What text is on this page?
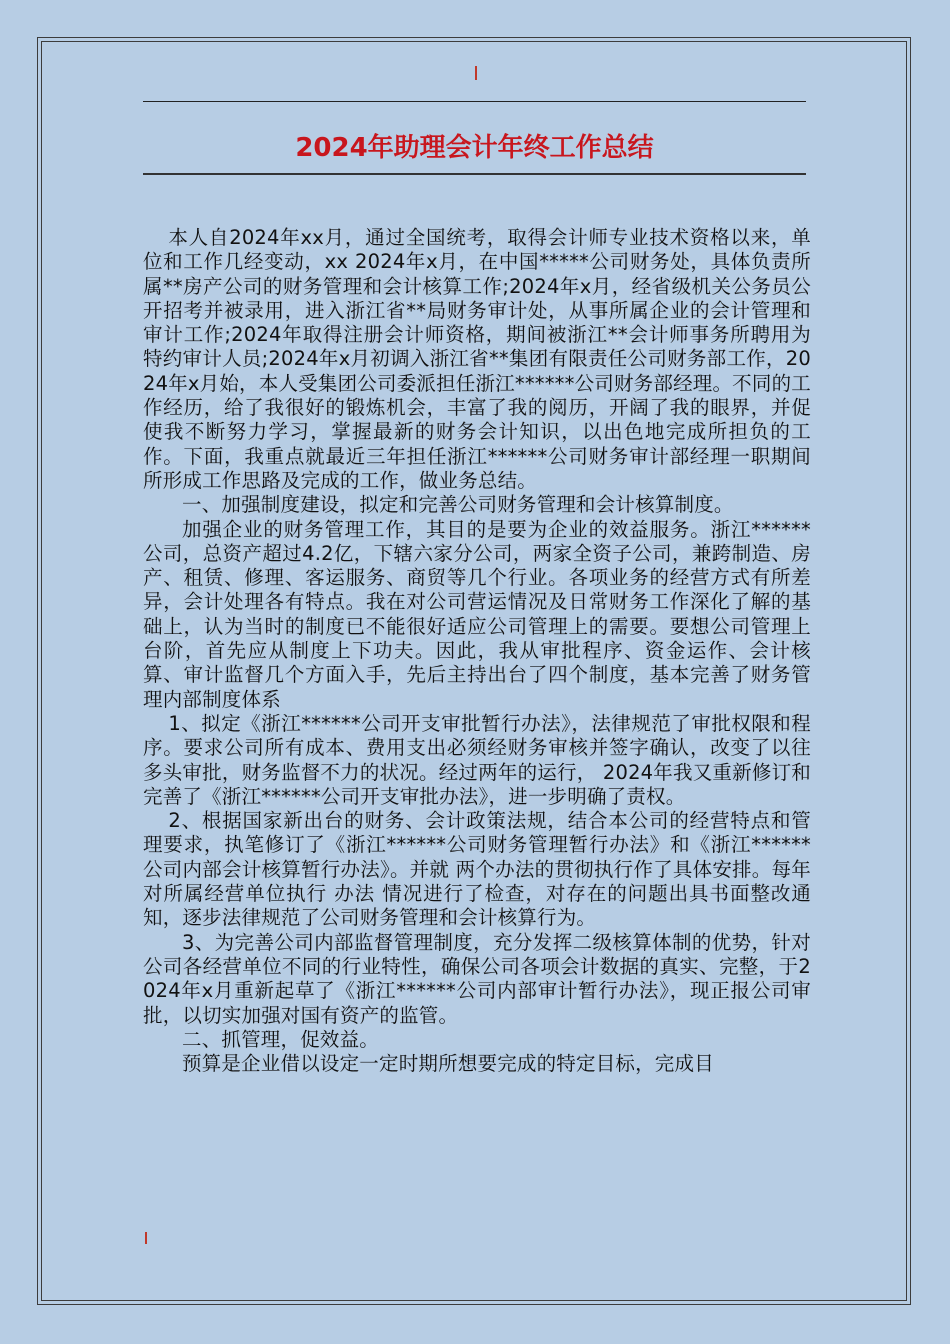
2024年助理会计年终工作总结

本人自2024年xx月，通过全国统考，取得会计师专业技术资格以来，单位和工作几经变动，xx 2024年x月，在中国*****公司财务处，具体负责所属**房产公司的财务管理和会计核算工作;2024年x月，经省级机关公务员公开招考并被录用，进入浙江省**局财务审计处，从事所属企业的会计管理和审计工作;2024年取得注册会计师资格，期间被浙江**会计师事务所聘用为特约审计人员;2024年x月初调入浙江省**集团有限责任公司财务部工作，2024年x月始，本人受集团公司委派担任浙江******公司财务部经理。不同的工作经历，给了我很好的锻炼机会，丰富了我的阅历，开阔了我的眼界，并促使我不断努力学习，掌握最新的财务会计知识，以出色地完成所担负的工作。下面，我重点就最近三年担任浙江******公司财务审计部经理一职期间所形成工作思路及完成的工作，做业务总结。

一、加强制度建设，拟定和完善公司财务管理和会计核算制度。

加强企业的财务管理工作，其目的是要为企业的效益服务。浙江******公司，总资产超过4.2亿，下辖六家分公司，两家全资子公司，兼跨制造、房产、租赁、修理、客运服务、商贸等几个行业。各项业务的经营方式有所差异，会计处理各有特点。我在对公司营运情况及日常财务工作深化了解的基础上，认为当时的制度已不能很好适应公司管理上的需要。要想公司管理上台阶，首先应从制度上下功夫。因此，我从审批程序、资金运作、会计核算、审计监督几个方面入手，先后主持出台了四个制度，基本完善了财务管理内部制度体系

1、拟定《浙江******公司开支审批暂行办法》，法律规范了审批权限和程序。要求公司所有成本、费用支出必须经财务审核并签字确认，改变了以往多头审批，财务监督不力的状况。经过两年的运行， 2024年我又重新修订和完善了《浙江******公司开支审批办法》，进一步明确了责权。

2、根据国家新出台的财务、会计政策法规，结合本公司的经营特点和管理要求，执笔修订了《浙江******公司财务管理暂行办法》和《浙江******公司内部会计核算暂行办法》。并就 两个办法的贯彻执行作了具体安排。每年对所属经营单位执行 办法 情况进行了检查，对存在的问题出具书面整改通知，逐步法律规范了公司财务管理和会计核算行为。

3、为完善公司内部监督管理制度，充分发挥二级核算体制的优势，针对公司各经营单位不同的行业特性，确保公司各项会计数据的真实、完整，于2024年x月重新起草了《浙江******公司内部审计暂行办法》，现正报公司审批，以切实加强对国有资产的监管。

二、抓管理，促效益。

预算是企业借以设定一定时期所想要完成的特定目标，完成目
